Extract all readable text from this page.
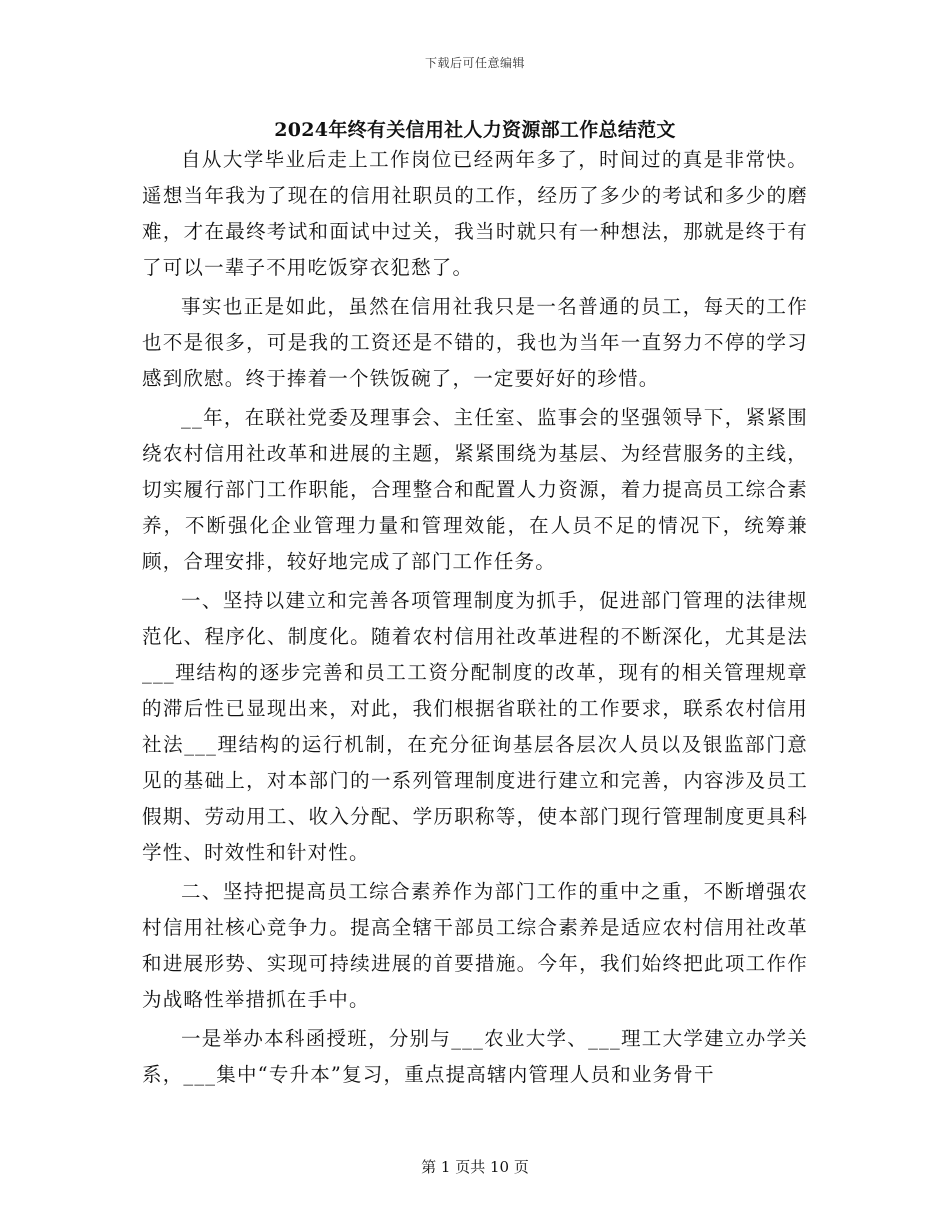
下载后可任意编辑
2024年终有关信用社人力资源部工作总结范文

自从大学毕业后走上工作岗位已经两年多了，时间过的真是非常快。遥想当年我为了现在的信用社职员的工作，经历了多少的考试和多少的磨难，才在最终考试和面试中过关，我当时就只有一种想法，那就是终于有了可以一辈子不用吃饭穿衣犯愁了。

事实也正是如此，虽然在信用社我只是一名普通的员工，每天的工作也不是很多，可是我的工资还是不错的，我也为当年一直努力不停的学习感到欣慰。终于捧着一个铁饭碗了，一定要好好的珍惜。

__年，在联社党委及理事会、主任室、监事会的坚强领导下，紧紧围绕农村信用社改革和进展的主题，紧紧围绕为基层、为经营服务的主线，切实履行部门工作职能，合理整合和配置人力资源，着力提高员工综合素养，不断强化企业管理力量和管理效能，在人员不足的情况下，统筹兼顾，合理安排，较好地完成了部门工作任务。

一、坚持以建立和完善各项管理制度为抓手，促进部门管理的法律规范化、程序化、制度化。随着农村信用社改革进程的不断深化，尤其是法___理结构的逐步完善和员工工资分配制度的改革，现有的相关管理规章的滞后性已显现出来，对此，我们根据省联社的工作要求，联系农村信用社法___理结构的运行机制，在充分征询基层各层次人员以及银监部门意见的基础上，对本部门的一系列管理制度进行建立和完善，内容涉及员工假期、劳动用工、收入分配、学历职称等，使本部门现行管理制度更具科学性、时效性和针对性。

二、坚持把提高员工综合素养作为部门工作的重中之重，不断增强农村信用社核心竞争力。提高全辖干部员工综合素养是适应农村信用社改革和进展形势、实现可持续进展的首要措施。今年，我们始终把此项工作作为战略性举措抓在手中。

一是举办本科函授班，分别与___农业大学、___理工大学建立办学关系，___集中“专升本”复习，重点提高辖内管理人员和业务骨干

第 1 页共 10 页
